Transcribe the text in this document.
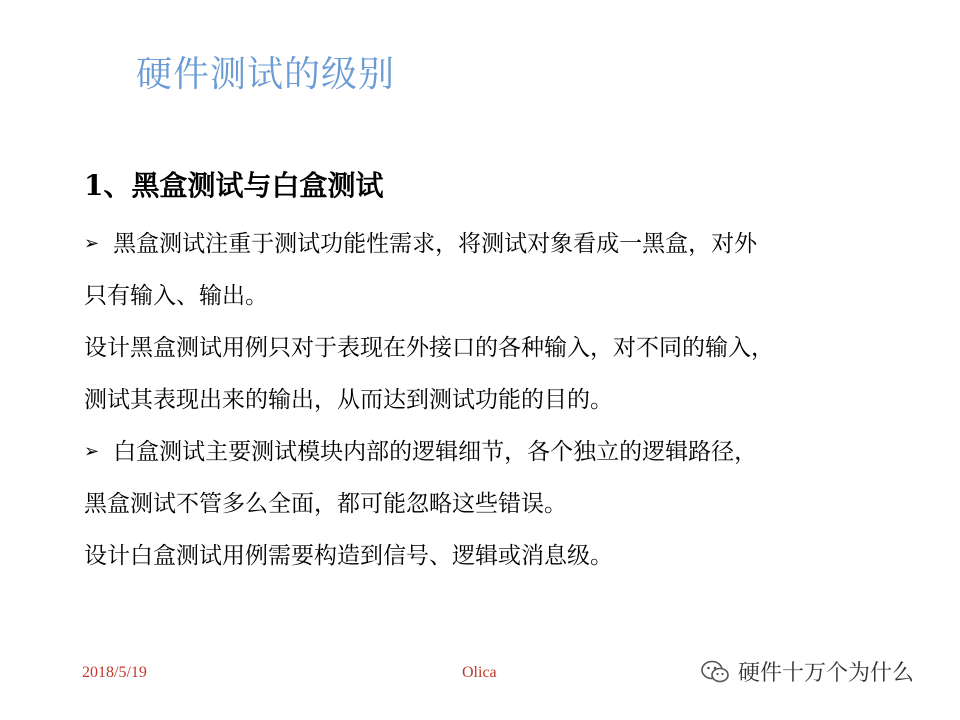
硬件测试的级别
1、黑盒测试与白盒测试
➢ 黑盒测试注重于测试功能性需求，将测试对象看成一黑盒，对外
只有输入、输出。
设计黑盒测试用例只对于表现在外接口的各种输入，对不同的输入，
测试其表现出来的输出，从而达到测试功能的目的。
➢ 白盒测试主要测试模块内部的逻辑细节，各个独立的逻辑路径，
黑盒测试不管多么全面，都可能忽略这些错误。
设计白盒测试用例需要构造到信号、逻辑或消息级。
2018/5/19	Olica	硬件十万个为什么
